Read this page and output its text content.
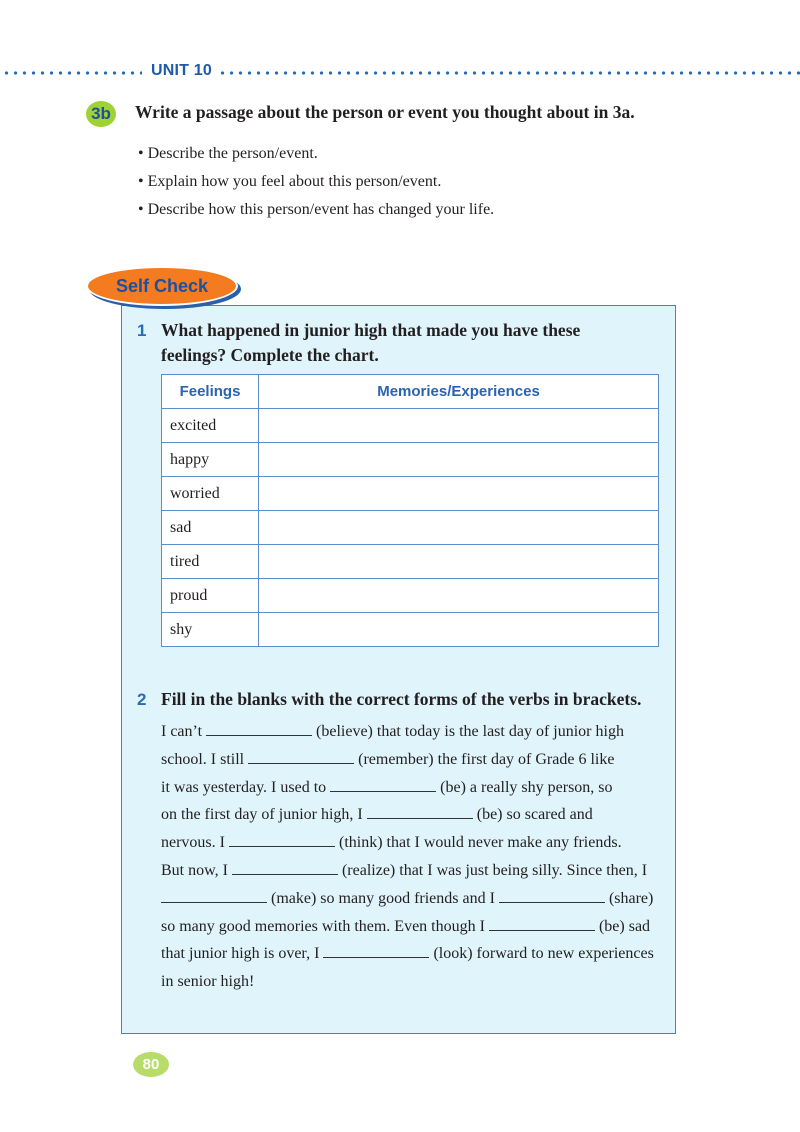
UNIT 10
3b Write a passage about the person or event you thought about in 3a.
• Describe the person/event.
• Explain how you feel about this person/event.
• Describe how this person/event has changed your life.
Self Check
1 What happened in junior high that made you have these
feelings? Complete the chart.
Feelings	Memories/Experiences
excited	
happy	
worried	
sad	
tired	
proud	
shy	
2 Fill in the blanks with the correct forms of the verbs in brackets.
I can’t	(believe) that today is the last day of junior high
school. I still	(remember) the first day of Grade 6 like
it was yesterday. I used to	(be) a really shy person, so
on the first day of junior high, I	(be) so scared and
nervous. I	(think) that I would never make any friends.
But now, I	(realize) that I was just being silly. Since then, I
(make) so many good friends and I	(share)
so many good memories with them. Even though I	(be) sad
that junior high is over, I	(look) forward to new experiences
in senior high!
80
